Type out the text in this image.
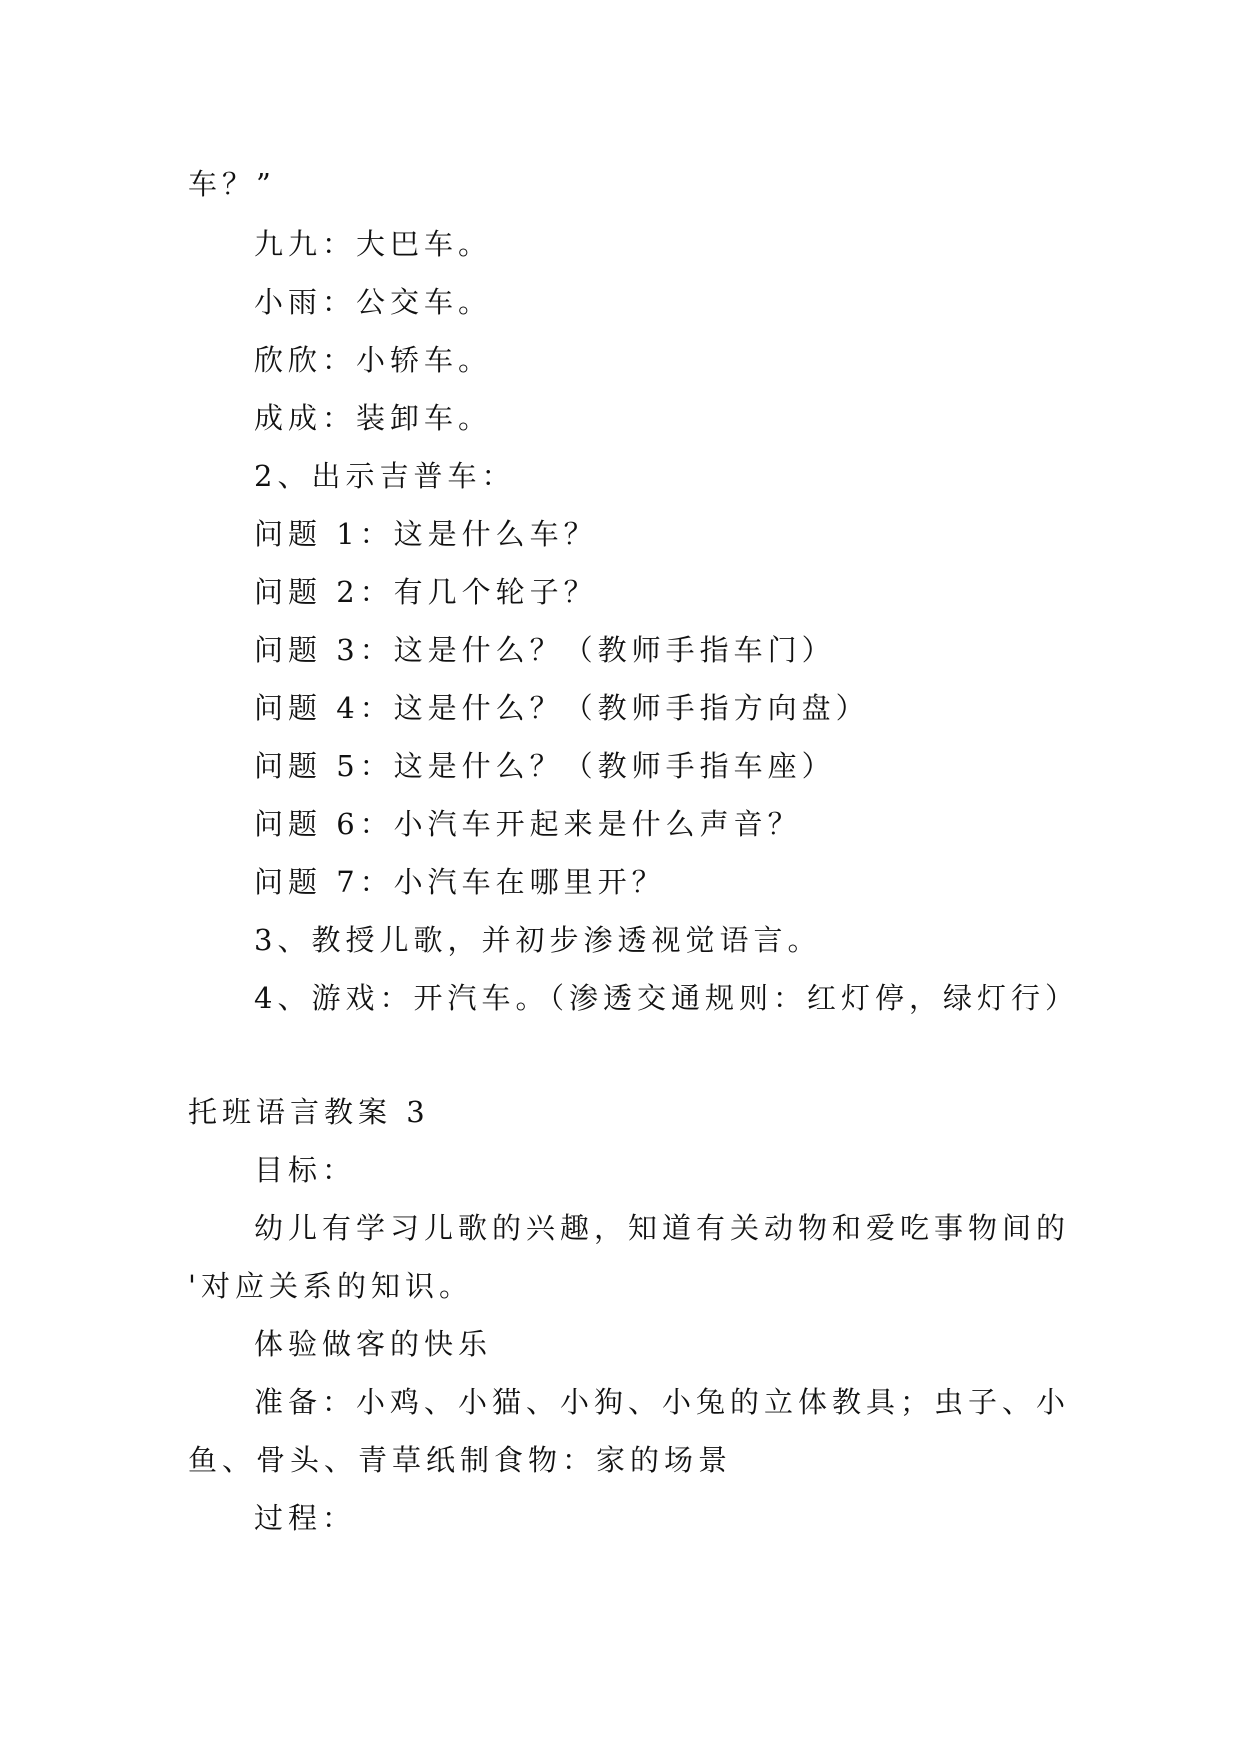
车？”
九九：大巴车。
小雨：公交车。
欣欣：小轿车。
成成：装卸车。
2、出示吉普车：
问题 1：这是什么车？
问题 2：有几个轮子？
问题 3：这是什么？（教师手指车门）
问题 4：这是什么？（教师手指方向盘）
问题 5：这是什么？（教师手指车座）
问题 6：小汽车开起来是什么声音？
问题 7：小汽车在哪里开？
3、教授儿歌，并初步渗透视觉语言。
4、游戏：开汽车。（渗透交通规则：红灯停，绿灯行）
托班语言教案 3
目标：
幼儿有学习儿歌的兴趣，知道有关动物和爱吃事物间的
'对应关系的知识。
体验做客的快乐
准备：小鸡、小猫、小狗、小兔的立体教具；虫子、小
鱼、骨头、青草纸制食物：家的场景
过程：
